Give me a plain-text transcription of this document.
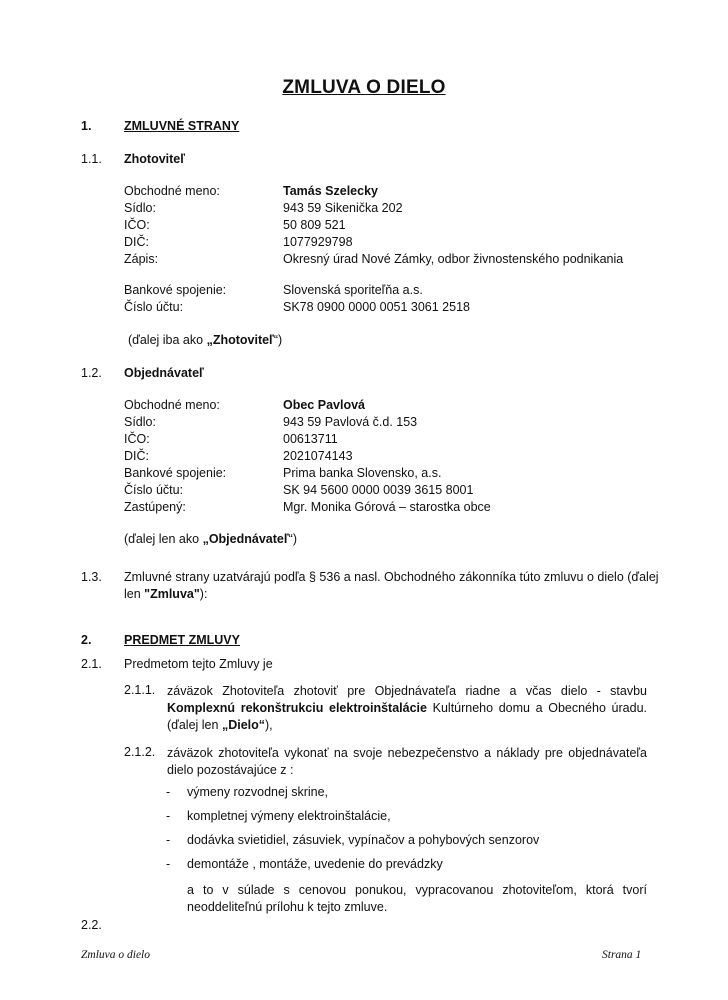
ZMLUVA O DIELO
1.	ZMLUVNÉ STRANY
1.1. Zhotoviteľ
Obchodné meno:	Tamás Szelecky
Sídlo:	943 59 Sikenička 202
IČO:	50 809 521
DIČ:	1077929798
Zápis:	Okresný úrad Nové Zámky, odbor živnostenského podnikania
Bankové spojenie:	Slovenská sporiteľňa a.s.
Číslo účtu:	SK78 0900 0000 0051 3061 2518
(ďalej iba ako „Zhotoviteľ“)
1.2. Objednávateľ
Obchodné meno:	Obec Pavlová
Sídlo:	943 59 Pavlová č.d. 153
IČO:	00613711
DIČ:	2021074143
Bankové spojenie:	Prima banka Slovensko, a.s.
Číslo účtu:	SK 94 5600 0000 0039 3615 8001
Zastúpený:	Mgr. Monika Górová – starostka obce
(ďalej len ako „Objednávateľ“)
1.3. Zmluvné strany uzatvárajú podľa § 536 a nasl. Obchodného zákonníka túto zmluvu o dielo (ďalej
len "Zmluva"):
2.	PREDMET ZMLUVY
2.1. Predmetom tejto Zmluvy je
2.1.1. záväzok Zhotoviteľa zhotoviť pre Objednávateľa riadne a včas dielo - stavbu Komplexnú rekonštrukciu elektroinštalácie Kultúrneho domu a Obecného úradu. (ďalej len „Dielo“),
2.1.2. záväzok zhotoviteľa vykonať na svoje nebezpečenstvo a náklady pre objednávateľa dielo pozostávajúce z :
- výmeny rozvodnej skrine,
- kompletnej výmeny elektroinštalácie,
- dodávka svietidiel, zásuviek, vypínačov a pohybových senzorov
- demontáže , montáže, uvedenie do prevádzky
a to v súlade s cenovou ponukou, vypracovanou zhotoviteľom, ktorá tvorí neoddeliteľnú prílohu k tejto zmluve.
2.2.
Zmluva o dielo	Strana 1
